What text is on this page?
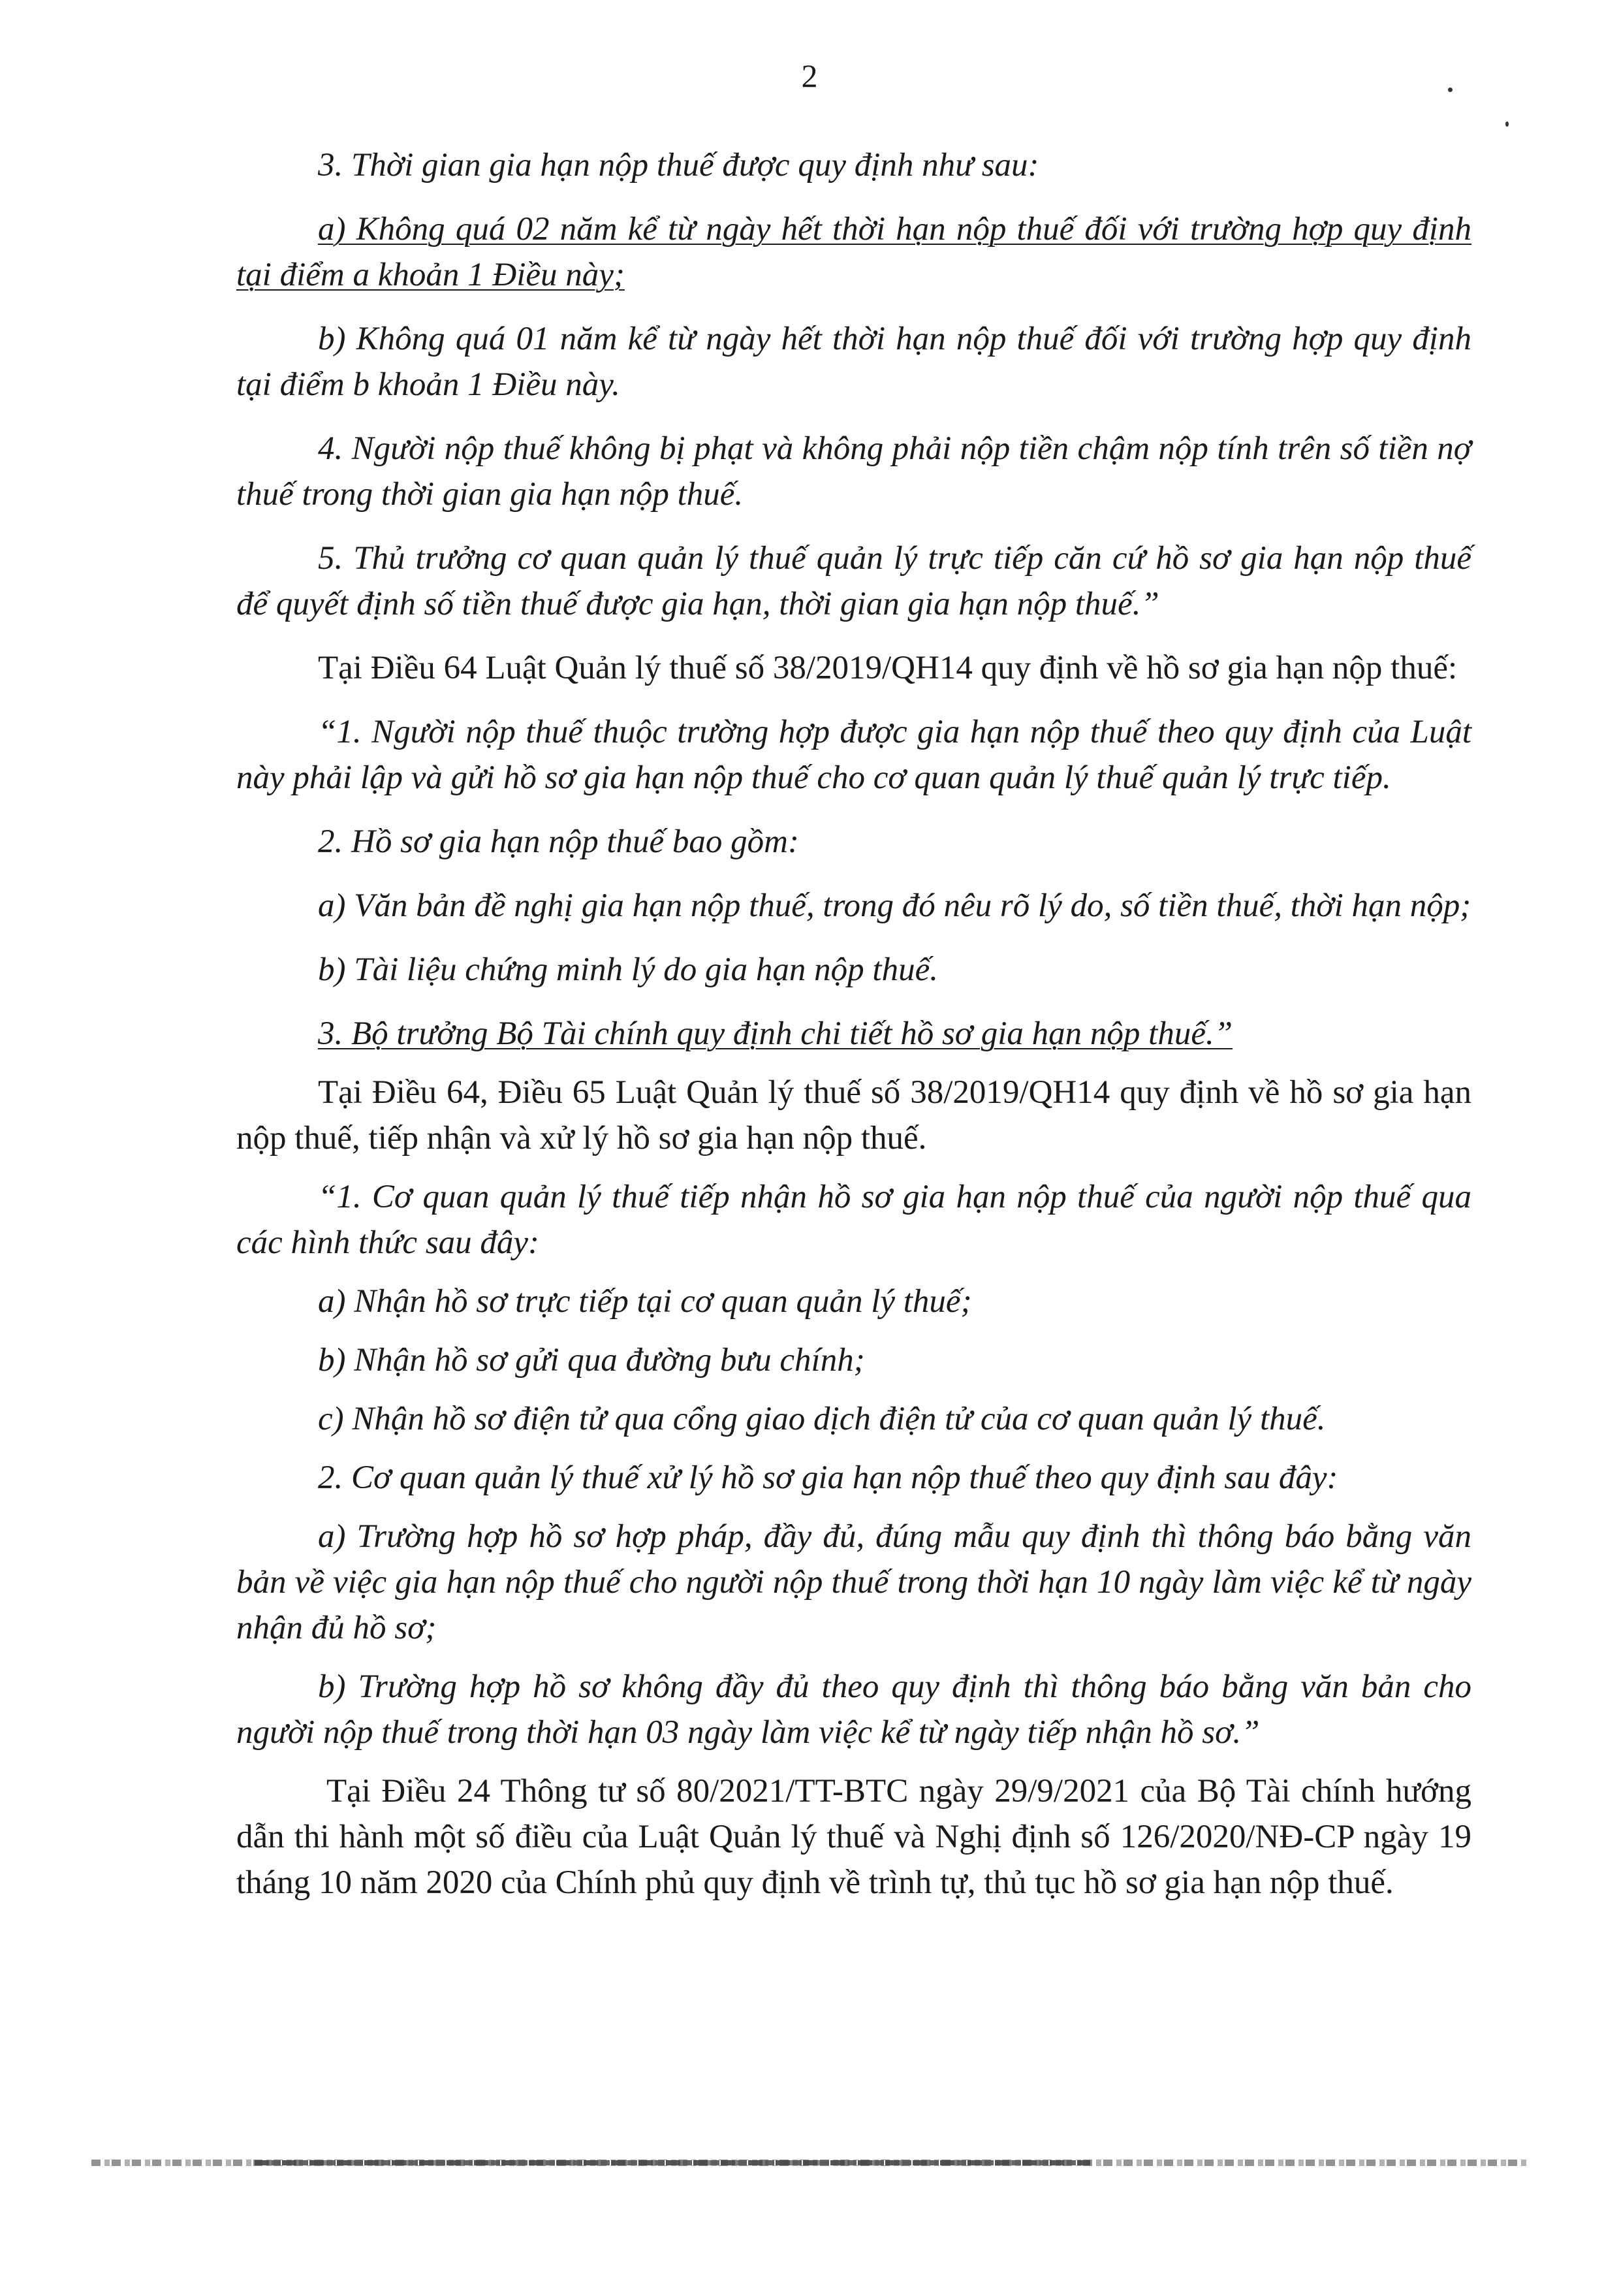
2

3. Thời gian gia hạn nộp thuế được quy định như sau:

a) Không quá 02 năm kể từ ngày hết thời hạn nộp thuế đối với trường hợp quy định tại điểm a khoản 1 Điều này;

b) Không quá 01 năm kể từ ngày hết thời hạn nộp thuế đối với trường hợp quy định tại điểm b khoản 1 Điều này.

4. Người nộp thuế không bị phạt và không phải nộp tiền chậm nộp tính trên số tiền nợ thuế trong thời gian gia hạn nộp thuế.

5. Thủ trưởng cơ quan quản lý thuế quản lý trực tiếp căn cứ hồ sơ gia hạn nộp thuế để quyết định số tiền thuế được gia hạn, thời gian gia hạn nộp thuế.”

Tại Điều 64 Luật Quản lý thuế số 38/2019/QH14 quy định về hồ sơ gia hạn nộp thuế:

“1. Người nộp thuế thuộc trường hợp được gia hạn nộp thuế theo quy định của Luật này phải lập và gửi hồ sơ gia hạn nộp thuế cho cơ quan quản lý thuế quản lý trực tiếp.

2. Hồ sơ gia hạn nộp thuế bao gồm:

a) Văn bản đề nghị gia hạn nộp thuế, trong đó nêu rõ lý do, số tiền thuế, thời hạn nộp;

b) Tài liệu chứng minh lý do gia hạn nộp thuế.

3. Bộ trưởng Bộ Tài chính quy định chi tiết hồ sơ gia hạn nộp thuế.”

Tại Điều 64, Điều 65 Luật Quản lý thuế số 38/2019/QH14 quy định về hồ sơ gia hạn nộp thuế, tiếp nhận và xử lý hồ sơ gia hạn nộp thuế.

“1. Cơ quan quản lý thuế tiếp nhận hồ sơ gia hạn nộp thuế của người nộp thuế qua các hình thức sau đây:

a) Nhận hồ sơ trực tiếp tại cơ quan quản lý thuế;

b) Nhận hồ sơ gửi qua đường bưu chính;

c) Nhận hồ sơ điện tử qua cổng giao dịch điện tử của cơ quan quản lý thuế.

2. Cơ quan quản lý thuế xử lý hồ sơ gia hạn nộp thuế theo quy định sau đây:

a) Trường hợp hồ sơ hợp pháp, đầy đủ, đúng mẫu quy định thì thông báo bằng văn bản về việc gia hạn nộp thuế cho người nộp thuế trong thời hạn 10 ngày làm việc kể từ ngày nhận đủ hồ sơ;

b) Trường hợp hồ sơ không đầy đủ theo quy định thì thông báo bằng văn bản cho người nộp thuế trong thời hạn 03 ngày làm việc kể từ ngày tiếp nhận hồ sơ.”

Tại Điều 24 Thông tư số 80/2021/TT-BTC ngày 29/9/2021 của Bộ Tài chính hướng dẫn thi hành một số điều của Luật Quản lý thuế và Nghị định số 126/2020/NĐ-CP ngày 19 tháng 10 năm 2020 của Chính phủ quy định về trình tự, thủ tục hồ sơ gia hạn nộp thuế.
